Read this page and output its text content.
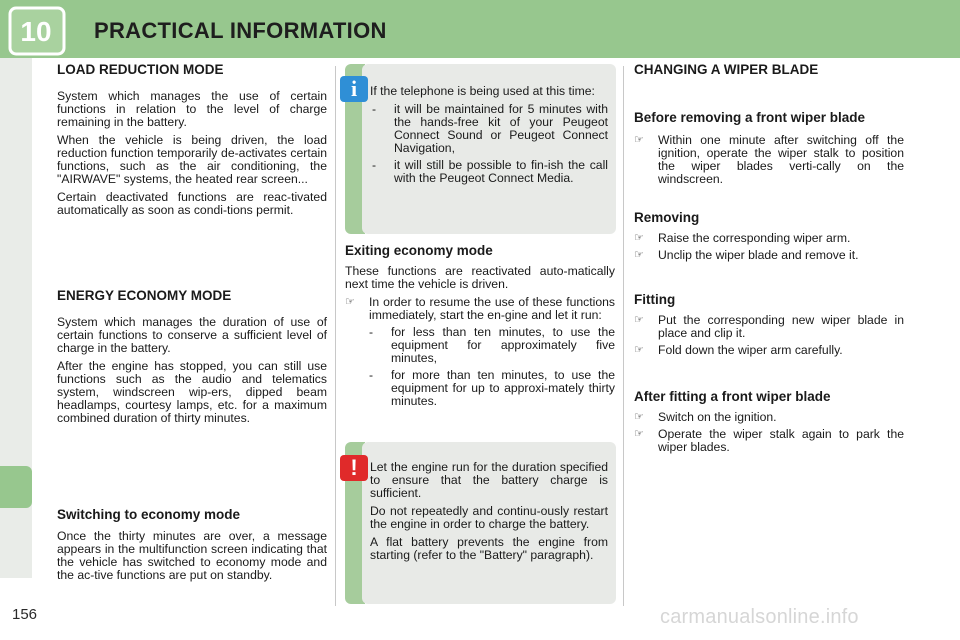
10 PRACTICAL INFORMATION
156	carmanualsonline.info
LOAD REDUCTION MODE

System which manages the use of certain functions in relation to the level of charge remaining in the battery.

When the vehicle is being driven, the load reduction function temporarily de-activates certain functions, such as the air conditioning, the "AIRWAVE" systems, the heated rear screen...

Certain deactivated functions are reac-tivated automatically as soon as condi-tions permit.

ENERGY ECONOMY MODE

System which manages the duration of use of certain functions to conserve a sufficient level of charge in the battery.

After the engine has stopped, you can still use functions such as the audio and telematics system, windscreen wip-ers, dipped beam headlamps, courtesy lamps, etc. for a maximum combined duration of thirty minutes.

Switching to economy mode

Once the thirty minutes are over, a message appears in the multifunction screen indicating that the vehicle has switched to economy mode and the ac-tive functions are put on standby.

i	If the telephone is being used at this time:

-	it will be maintained for 5 minutes with the hands-free kit of your Peugeot Connect Sound or Peugeot Connect Navigation,
-	it will still be possible to fin-ish the call with the Peugeot Connect Media.
Exiting economy mode

These functions are reactivated auto-matically next time the vehicle is driven.

☞	In order to resume the use of these functions immediately, start the en-gine and let it run:
-	for less than ten minutes, to use the equipment for approximately five minutes,
-	for more than ten minutes, to use the equipment for up to approxi-mately thirty minutes.
!	Let the engine run for the duration specified to ensure that the battery charge is sufficient.

Do not repeatedly and continu-ously restart the engine in order to charge the battery.

A flat battery prevents the engine from starting (refer to the "Battery" paragraph).

CHANGING A WIPER BLADE
Before removing a front wiper blade
☞	Within one minute after switching off the ignition, operate the wiper stalk to position the wiper blades verti-cally on the windscreen.
Removing
☞	Raise the corresponding wiper arm.
☞	Unclip the wiper blade and remove it.
Fitting
☞	Put the corresponding new wiper blade in place and clip it.
☞	Fold down the wiper arm carefully.
After fitting a front wiper blade
☞	Switch on the ignition.
☞	Operate the wiper stalk again to park the wiper blades.
